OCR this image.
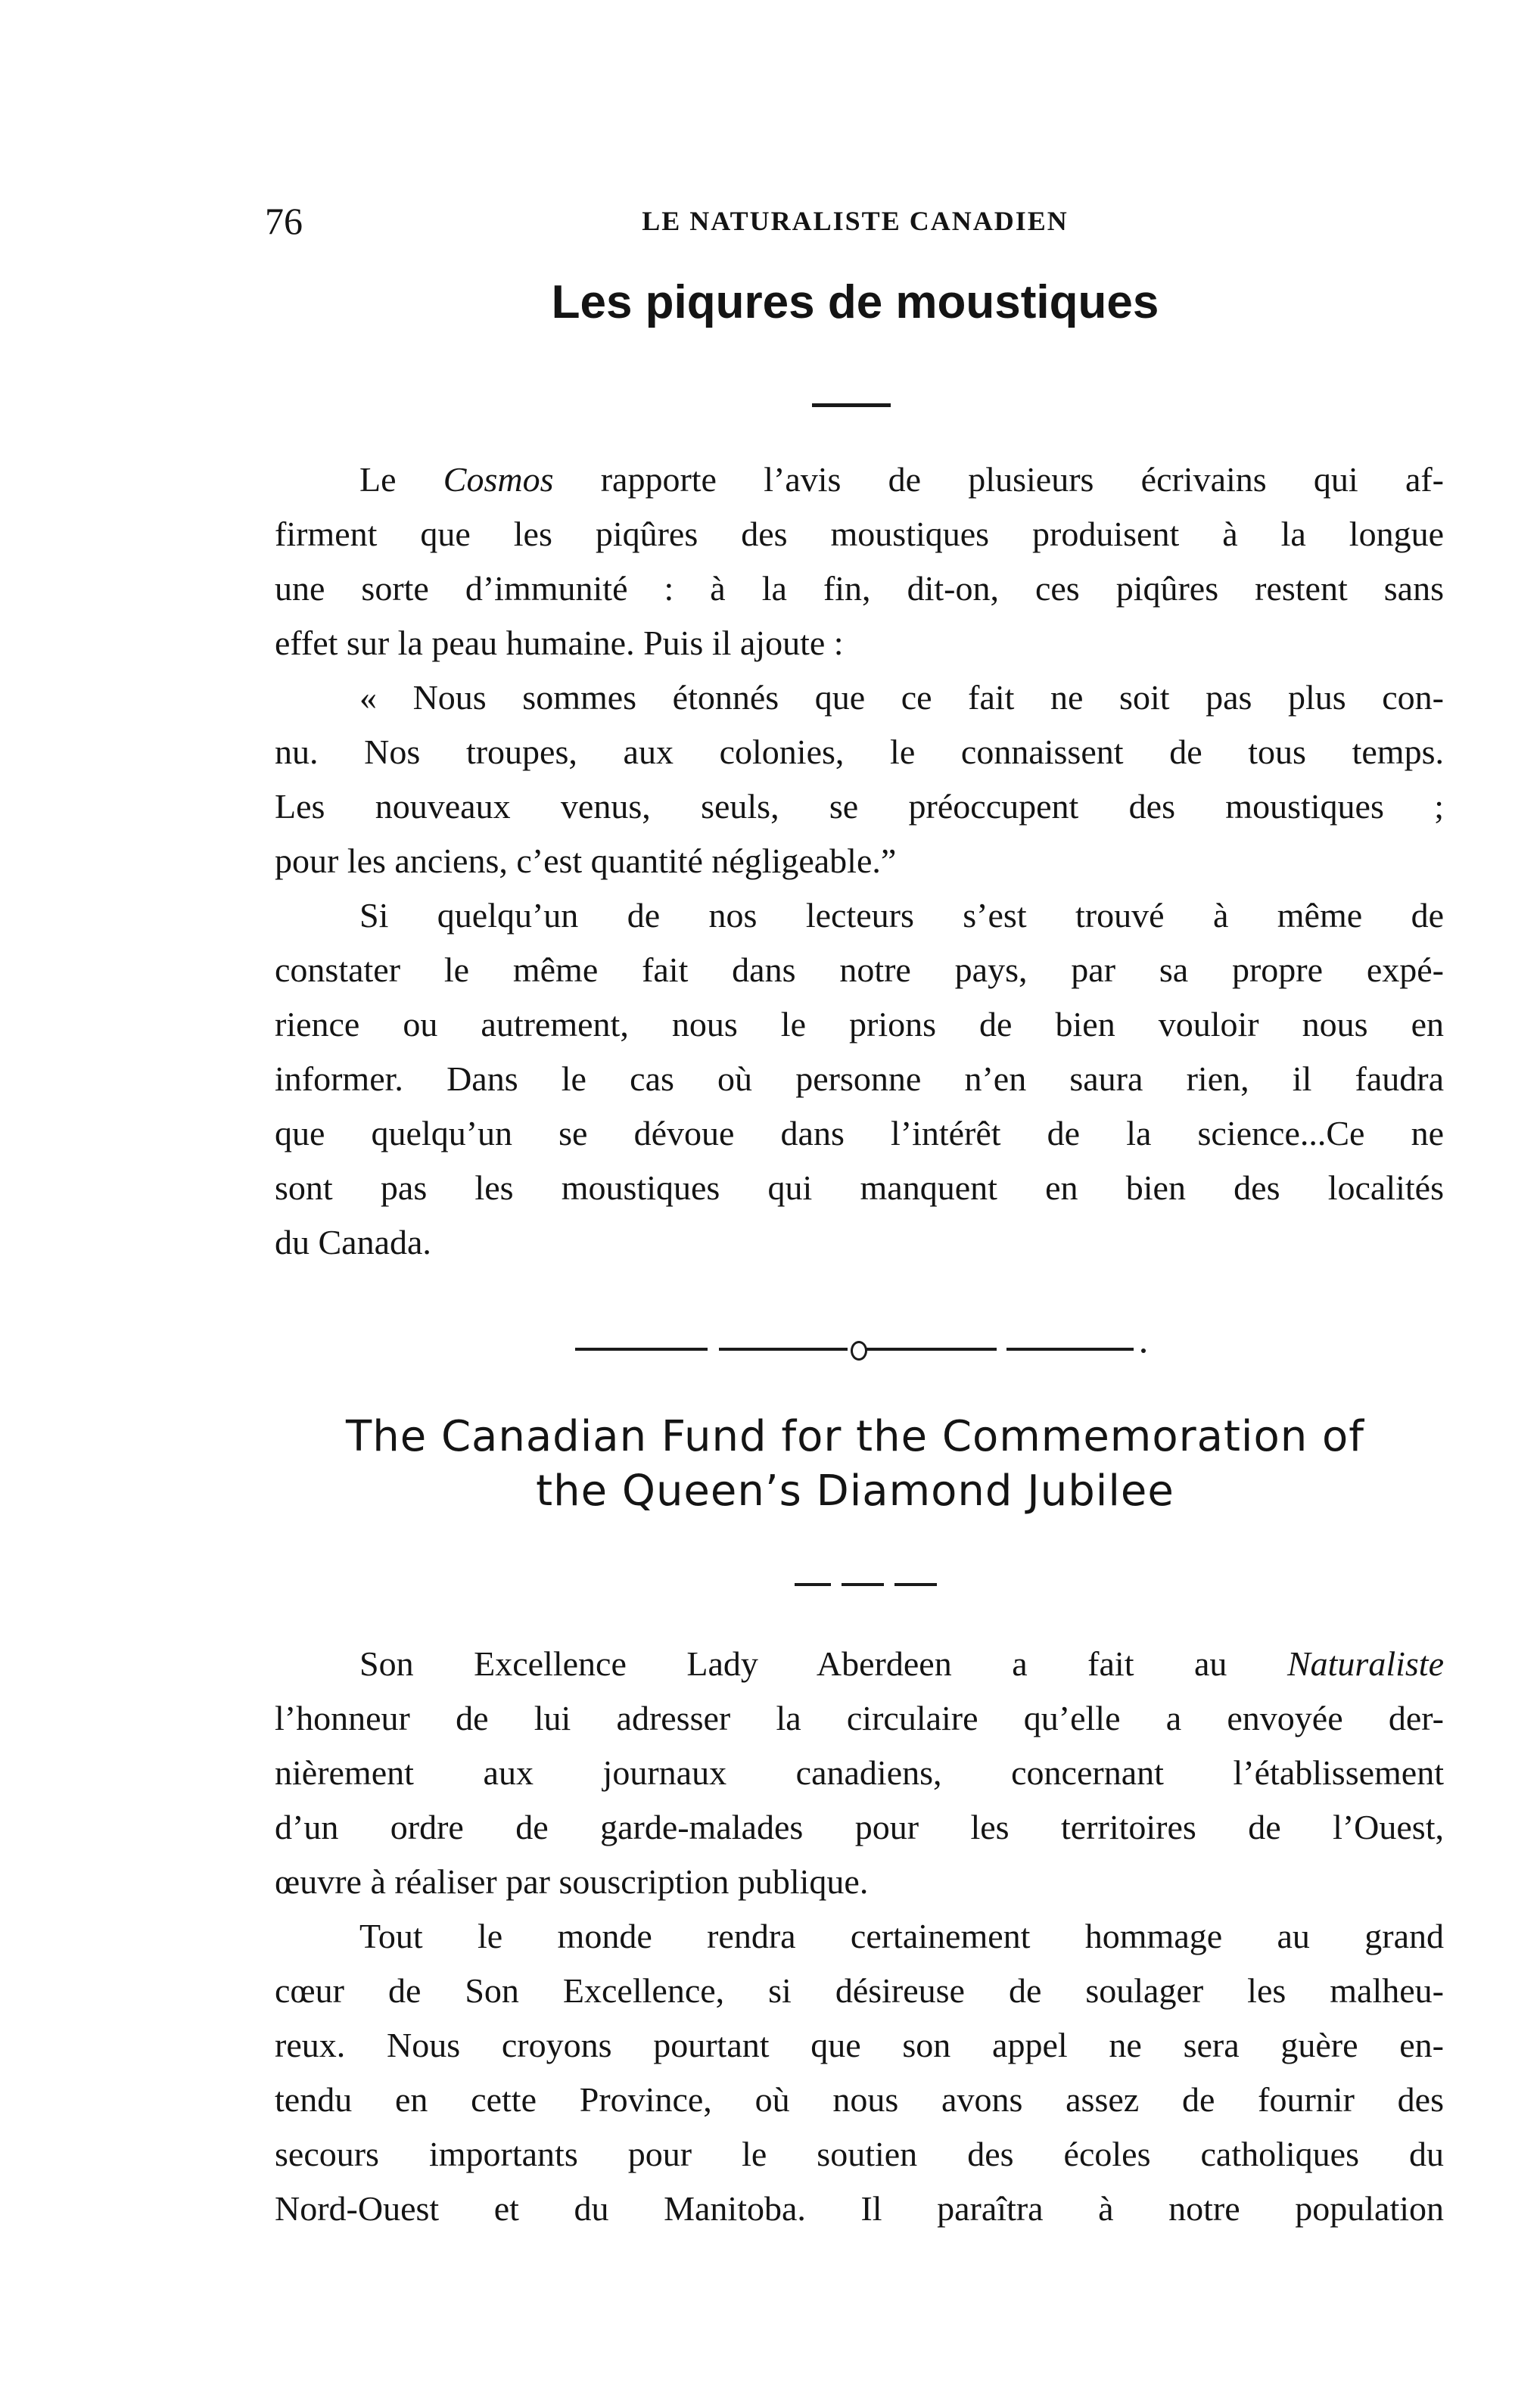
76	LE NATURALISTE CANADIEN
Les piqures de moustiques
Le Cosmos rapporte l’avis de plusieurs écrivains qui af-
firment que les piqûres des moustiques produisent à la longue
une sorte d’immunité : à la fin, dit-on, ces piqûres restent sans
effet sur la peau humaine. Puis il ajoute :
« Nous sommes étonnés que ce fait ne soit pas plus con-
nu. Nos troupes, aux colonies, le connaissent de tous temps.
Les nouveaux venus, seuls, se préoccupent des moustiques ;
pour les anciens, c’est quantité négligeable.”
Si quelqu’un de nos lecteurs s’est trouvé à même de
constater le même fait dans notre pays, par sa propre expé-
rience ou autrement, nous le prions de bien vouloir nous en
informer. Dans le cas où personne n’en saura rien, il faudra
que quelqu’un se dévoue dans l’intérêt de la science...Ce ne
sont pas les moustiques qui manquent en bien des localités
du Canada.
The Canadian Fund for the Commemoration of
the Queen’s Diamond Jubilee
Son Excellence Lady Aberdeen a fait au Naturaliste
l’honneur de lui adresser la circulaire qu’elle a envoyée der-
nièrement aux journaux canadiens, concernant l’établissement
d’un ordre de garde-malades pour les territoires de l’Ouest,
œuvre à réaliser par souscription publique.
Tout le monde rendra certainement hommage au grand
cœur de Son Excellence, si désireuse de soulager les malheu-
reux. Nous croyons pourtant que son appel ne sera guère en-
tendu en cette Province, où nous avons assez de fournir des
secours importants pour le soutien des écoles catholiques du
Nord-Ouest et du Manitoba. Il paraîtra à notre population
